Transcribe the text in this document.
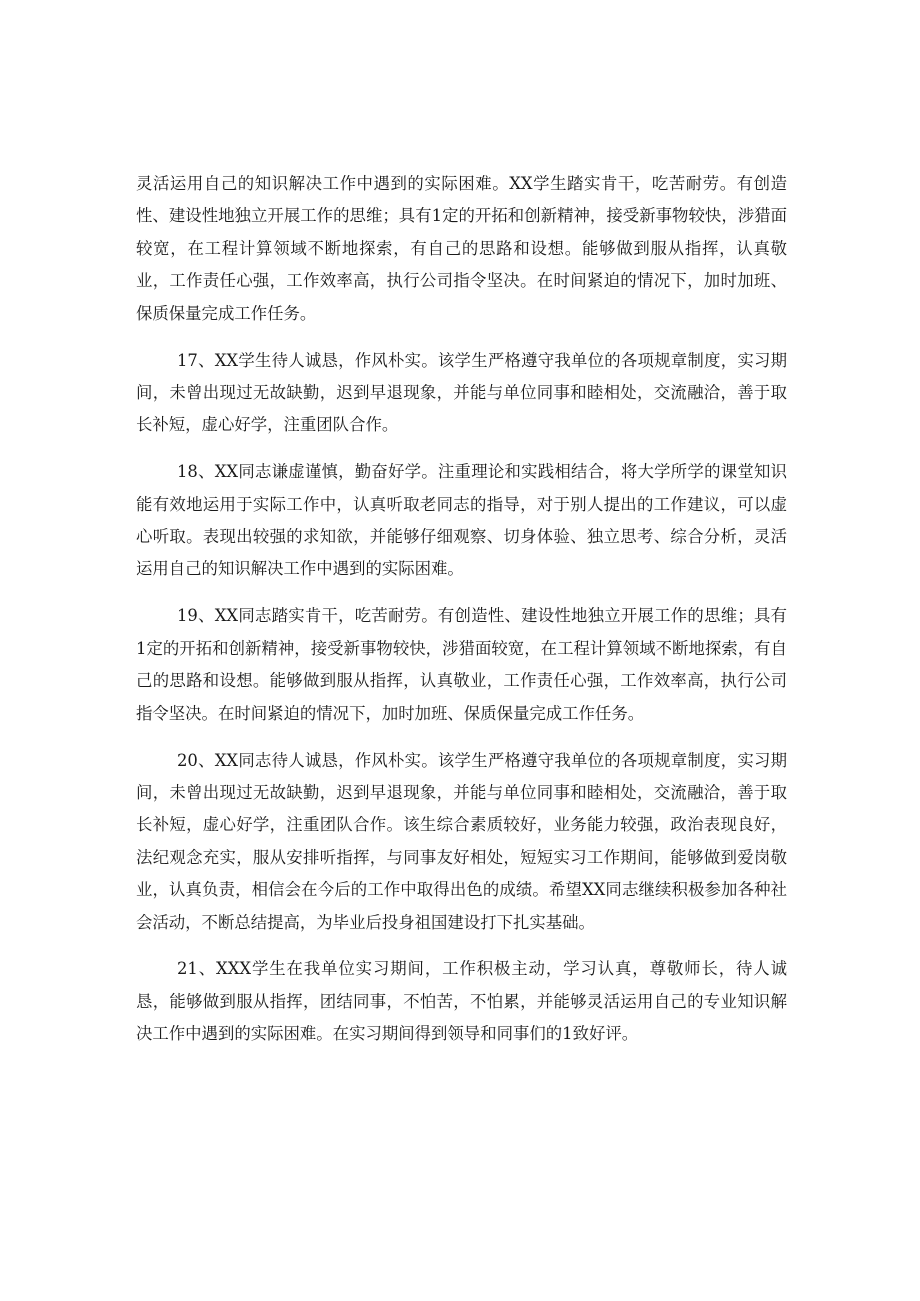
灵活运用自己的知识解决工作中遇到的实际困难。XX学生踏实肯干，吃苦耐劳。有创造性、建设性地独立开展工作的思维；具有1定的开拓和创新精神，接受新事物较快，涉猎面较宽，在工程计算领域不断地探索，有自己的思路和设想。能够做到服从指挥，认真敬业，工作责任心强，工作效率高，执行公司指令坚决。在时间紧迫的情况下，加时加班、保质保量完成工作任务。

17、XX学生待人诚恳，作风朴实。该学生严格遵守我单位的各项规章制度，实习期间，未曾出现过无故缺勤，迟到早退现象，并能与单位同事和睦相处，交流融洽，善于取长补短，虚心好学，注重团队合作。

18、XX同志谦虚谨慎，勤奋好学。注重理论和实践相结合，将大学所学的课堂知识能有效地运用于实际工作中，认真听取老同志的指导，对于别人提出的工作建议，可以虚心听取。表现出较强的求知欲，并能够仔细观察、切身体验、独立思考、综合分析，灵活运用自己的知识解决工作中遇到的实际困难。

19、XX同志踏实肯干，吃苦耐劳。有创造性、建设性地独立开展工作的思维；具有1定的开拓和创新精神，接受新事物较快，涉猎面较宽，在工程计算领域不断地探索，有自己的思路和设想。能够做到服从指挥，认真敬业，工作责任心强，工作效率高，执行公司指令坚决。在时间紧迫的情况下，加时加班、保质保量完成工作任务。

20、XX同志待人诚恳，作风朴实。该学生严格遵守我单位的各项规章制度，实习期间，未曾出现过无故缺勤，迟到早退现象，并能与单位同事和睦相处，交流融洽，善于取长补短，虚心好学，注重团队合作。该生综合素质较好，业务能力较强，政治表现良好，法纪观念充实，服从安排听指挥，与同事友好相处，短短实习工作期间，能够做到爱岗敬业，认真负责，相信会在今后的工作中取得出色的成绩。希望XX同志继续积极参加各种社会活动，不断总结提高，为毕业后投身祖国建设打下扎实基础。

21、XXX学生在我单位实习期间，工作积极主动，学习认真，尊敬师长，待人诚恳，能够做到服从指挥，团结同事，不怕苦，不怕累，并能够灵活运用自己的专业知识解决工作中遇到的实际困难。在实习期间得到领导和同事们的1致好评。
